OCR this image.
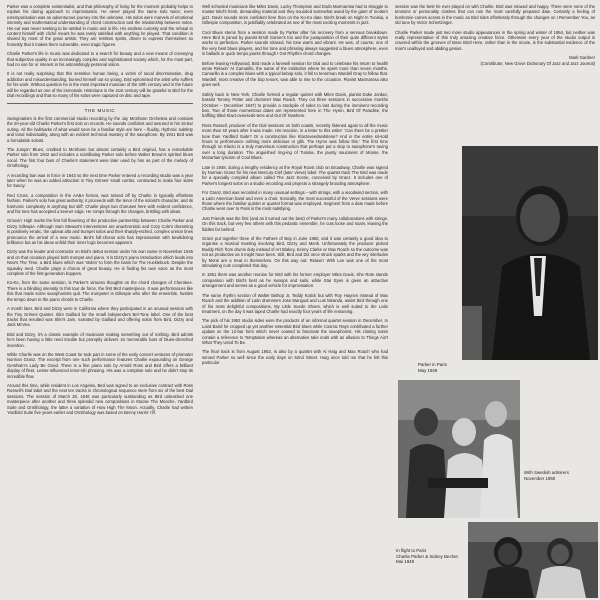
Parker was a complete existentialist, and that philosophy of living for the moment probably helps to explain his daring approach to improvisation. He never played the same solo twice; even extemporisation was an adventurous journey into the unknown. His solos were marvels of emotional intensity and mathematical understanding of chord construction and the relationship between notes. His ear was never seeking to be settled in music and in life. His endless curiosity and the refusal to content himself with cliché meant he was rarely satisfied with anything he played. That condition is shared by most of the great artists. They are restless spirits, driven to express themselves so honestly that it makes them vulnerable, even tragic figures.

Charlie Parker's life in music was dedicated to a search for beauty and a new means of conveying that subjective quality in an increasingly complex and sophisticated society which, for the most part, had no use for or interest in his astonishingly personal vision.

It is not really surprising that this sensitive human being, a victim of racial discrimination, drug addiction and misunderstanding, burned himself out so young. Bird epitomised the artist who suffers for his work. Without question he is the most important musician of the 20th century and in the future will be regarded as one of the immortals. Historians in the 21st century will be grateful to Bird for the Dial recordings and that so many of his solos were captured on disc and tape.

THE MUSIC

Swingmatism is the first commercial studio recording by the Jay McShann Orchestra and contains the 20-year-old Charlie Parker's first solo on records. He sounds confident and assured in his 16-bar outing. All the hallmarks of what would soon be a familiar style are here – fluidity, rhythmic subtlety and tonal individuality, along with an evident technical mastery of the saxophone. By 1941 Bird was a formidable soloist.

The Jumpin' Blues, credited to McShann but almost certainly a Bird original, has a remarkable Parker solo from 1942 and includes a scintillating Parker solo before Walter Brown's spirited blues vocal. The first four bars of Charlie's statement were later used by him as part of the melody of Ornithology.

A recording ban was in force in 1943 so the next time Parker entered a recording studio was a year later when he was an added attraction in Tiny Grimes' small combo, contracted to make four sides for Savoy.

Red Cross, a composition in the AABA format, was tossed off by Charlie in typically effortless fashion. Parker's solo has great authority; it proceeds with the tenor of the soloist's character, and its harmonic complexity is anything but stiff. Charlie plays two choruses here with evident confidence, and his tone has accepted a keener edge. He romps through the changes, bristling with ideas.

Groovin' High marks the first full flowering of the productive partnership between Charlie Parker and Dizzy Gillespie. Although Sam Stewart's interventions are anachronistic and Cozy Cole's drumming is positively erratic, the upbeat alto and trumpet solos and their sharply-etched, complex unison lines pronounce the arrival of a new music. Bird's full-chorus solo has improvisation with bewildering brilliance but as his ideas unfold their inner logic becomes apparent.

Dizzy was the leader and contractor on Bird's debut session under his own name in November 1945 and on that occasion played both trumpet and piano. It is Dizzy's piano introduction which leads into Now's The Time, a Bird blues which was 'stolen' to form the basis for The Hucklebuck. Despite the squeaky reed, Charlie plays a chorus of great beauty. He is finding his own voice as the most complete of the first-generation boppers.

Ko-Ko, from the same session, is Parker's virtuoso thoughts on the chord changes of Cherokee. There is a blinding intensity to this tour de force, the first Bird masterpiece. It was performances like this that made some saxophonists quit. The trumpeter is Gillespie who after the ensemble, hustles the tempo down to the piano chords to Charlie.

A month later, Bird and Dizzy were in California where they participated in an unusual session with the Tiny Grimes Quintet. Slim Gaillard for the small independent Bel-Tone label. One of the best tracks that resulted was Slim's Jam, narrated by Gaillard and offering solos from Bird, Dizzy and Jack McVea.

Bird and Dizzy, it's a classic example of musicians making something out of nothing. Bird admits he's been having a little reed trouble but promptly delivers 16 memorable bars of blues-drenched invention.

While Charlie was on the West Coast he took part in some of the early concert ventures of promoter Norman Granz. The excerpt from one such performance features Charlie expounding on George Gershwin's Lady Be Good. There is a fine piano solo by Arnold Ross and Bird offers a brilliant display of fleet, Lester-influenced tenor-ish phrasing. His was a complete solo and he didn't stop its incredible flow.

Around this time, while resident in Los Angeles, Bird was signed to an exclusive contract with Ross Russell's Dial label and the next ten tracks in chronological sequence stem from six of the best Dial sessions. The session of March 28, 1946 was particularly outstanding as Bird unleashed one masterpiece after another and three splendid new compositions in Moose The Mooche, Yardbird Suite and Ornithology, the latter a variation of How High The Moon. Actually, Charlie had written Yardbird Suite five years earlier and Ornithology was based on Benny Harris' riff.

Well schooled musicians like Miles Davis, Lucky Thompson and Dodo Marmarosa had to struggle to master Bird's fresh, demanding material and they sounded somewhat awed by the giant of modern jazz. Davis sounds more confident here than on the Ko-Ko date. Bird's break on Night In Tunisia, a Gillespie composition, is justifiably celebrated as one of the most exciting moments in jazz.

Cool Blues stems from a session made by Parker after his recovery from a nervous breakdown. Here Bird is joined by pianist Erroll Garner's trio and the juxtaposition of their quite different styles works to perfection. Parker sounds relaxed, his tone warm and vibrant. He was, of course, one of the very best blues players, and his tone and phrasing always suggested a blues atmosphere, even in ballads or quick tempo jaunts through I Got Rhythm chord changes.

Before leaving Hollywood, Bird made a farewell session for Dial and to celebrate his return to health wrote Relaxin' At Camarillo, the name of the institution where he spent more than seven months. Camarillo is a complex blues with a typical bebop solo, it fell to tenorman Wardell Gray to follow that. Wardell, most creative of the bop tenors, was able to rise to the occasion. Pianist Marmarosa also goes well.

Safely back in New York, Charlie formed a regular quintet with Miles Davis, pianist Duke Jordan, bassist Tommy Potter and drummer Max Roach. They cut three sessions in successive months (October – December 1947) to provide a stockpile of sides to last during the imminent recording ban. Two of those momentous dates are represented here in The Hymn, Bird Of Paradise, the baffling titled Klact-oveeseds-tene and Out Of Nowhere.

Ross Russell, producer of the Dial sessions on both coasts, recently listened again to all the music more than 40 years after it was made. His reaction, in a letter to this writer: 'Can there be a prettier tune than Yardbird Suite? Or a construction like Klactoveedsedstene? And in the entire sit-sold hours to performance nothing more delicious or glib. The Hymn was follow this.' The first time through on Klacto is a truly marvelous construction that perhaps put a stop to saxophone's raving over a long duration. The anguished ring-ing of Tunisia, the jaunty sauciness of Moose, the Mozartian lyricism of Cool Blues.

Late in 1948, during a lengthy residency at the Royal Roost club on Broadway, Charlie was signed by Norman Granz for his new Mercury-Clef (later Verve) label. The quartet track The Bird was made for a specially compiled album called The Jazz Scene, conceived by Granz. It includes one of Parker's longest solos on a studio recording and projects a strangely brooding atmosphere.

For Granz, Bird was recorded in many unusual settings – with strings, with a woodwind section, with a Latin American band and even a choir. Ironically, the most successful of the Verve sessions were those where the familiar quintet or quartet format was employed. Segment from a date made before Charlie went over to Paris is the most satisfying.

Just Friends was the first (and as it turned out the best) of Parker's many collaborations with strings. On this track, but very few others with this pedantic ensemble, he cuts loose and soars, leaving the fiddles far behind.

Granz put together three of the Fathers of Bop in June 1950, and it was certainly a good idea to organise a musical meeting involving Bird, Dizzy and Monk. Unfortunately the producer picked Buddy Rich from drums duty instead of Art Blakey, Kenny Clarke or Max Roach so the outcome was not as productive as it might have been. Still, Bird and Diz once struck sparks and the wry interludes by Monk are a treat in themselves. On this way out: Relaxin' With Lee was one of the most stimulating cuts completed that day.

In 1951 there was another reunion for Bird with his former employer Miles Davis. She Rote stands comparison with Bird's best as he swoops and sails, while Star Eyes is given an attractive arrangement and serves as a good vehicle for improvisation.

The same rhythm section of Walter Bishop Jr, Teddy Kotick but with Roy Haynes instead of Max Roach and the addition of Latin drummers Jose Mangual and Luis Miranda, assist Bird through one of his most delightful compositions, My Little Suede Shoes, which is well suited to the Latin treatment, on the day it was taped Charlie had exactly four years of life remaining.

The pick of his 1952 studio sides were the products of an informal quartet session in December. In Laird Baird he cropped up yet another essential Bird blues while Cosmic Rays contributed a further update on the 12-bar form which never ceased to fascinate the saxophonist. His closing notes contain a reference to Temptation whereas an alternative take ends with an allusion to Things Ain't What They Used To Be.

The final track is from August 1953, is also by a quartet with Al Haig and Max Roach who had served Parker so well since the early days on 52nd Street. Haig once told me that he felt this particular

session was the best he ever played on with Charlie. Bird was relaxed and happy. There were none of the tensions or personality clashes that can ruin the most carefully prepared date. Certainly a feeling of bonhomie comes across in the music as Bird rides effortlessly through the changes on I Remember You, an old tune by Victor Schertzinger.

Charlie Parker made just two more studio appearances in the spring and winter of 1954, but neither was really representative of this truly amazing creative force. Otherwise every year of the studio output is covered within the grooves of Bose Bird! Here, rather than in the movie, is the substantial evidence of the man's unalloyed and abiding genius.

Mark Gardner
(Contributor, New Grove Dictionary Of Jazz and Jazz Journal)
Parker in Paris
May 1949
With Swedish admirers
November 1950
In flight to Paris
Charlie Parker & Sidney Bechet
Mai 1949
